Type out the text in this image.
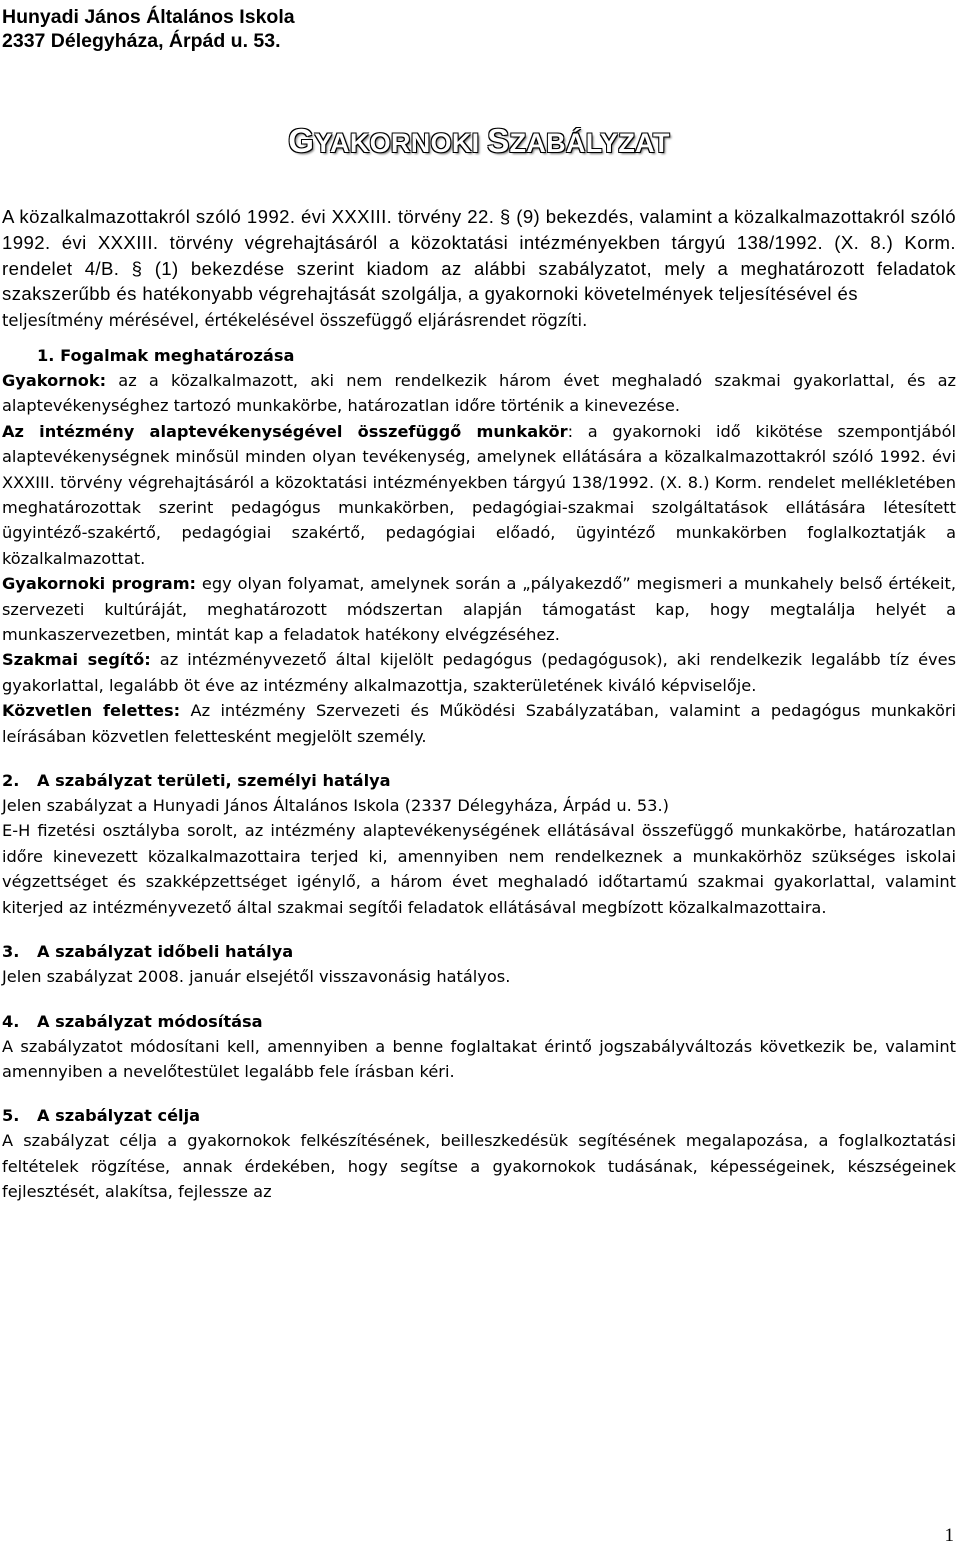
Hunyadi János Általános Iskola
2337 Délegyháza, Árpád u. 53.
GYAKORNOKI SZABÁLYZAT
A közalkalmazottakról szóló 1992. évi XXXIII. törvény 22. § (9) bekezdés, valamint a közalkalmazottakról szóló 1992. évi XXXIII. törvény végrehajtásáról a közoktatási intézményekben tárgyú 138/1992. (X. 8.) Korm. rendelet 4/B. § (1) bekezdése szerint kiadom az alábbi szabályzatot, mely a meghatározott feladatok szakszerűbb és hatékonyabb végrehajtását szolgálja, a gyakornoki követelmények teljesítésével és
teljesítmény mérésével, értékelésével összefüggő eljárásrendet rögzíti.
1. Fogalmak meghatározása
Gyakornok: az a közalkalmazott, aki nem rendelkezik három évet meghaladó szakmai gyakorlattal, és az alaptevékenységhez tartozó munkakörbe, határozatlan időre történik a kinevezése.
Az intézmény alaptevékenységével összefüggő munkakör: a gyakornoki idő kikötése szempontjából alaptevékenységnek minősül minden olyan tevékenység, amelynek ellátására a közalkalmazottakról szóló 1992. évi XXXIII. törvény végrehajtásáról a közoktatási intézményekben tárgyú 138/1992. (X. 8.) Korm. rendelet mellékletében meghatározottak szerint pedagógus munkakörben, pedagógiai-szakmai szolgáltatások ellátására létesített ügyintéző-szakértő, pedagógiai szakértő, pedagógiai előadó, ügyintéző munkakörben foglalkoztatják a közalkalmazottat.
Gyakornoki program: egy olyan folyamat, amelynek során a „pályakezdő” megismeri a munkahely belső értékeit, szervezeti kultúráját, meghatározott módszertan alapján támogatást kap, hogy megtalálja helyét a munkaszervezetben, mintát kap a feladatok hatékony elvégzéséhez.
Szakmai segítő: az intézményvezető által kijelölt pedagógus (pedagógusok), aki rendelkezik legalább tíz éves gyakorlattal, legalább öt éve az intézmény alkalmazottja, szakterületének kiváló képviselője.
Közvetlen felettes: Az intézmény Szervezeti és Működési Szabályzatában, valamint a pedagógus munkaköri leírásában közvetlen felettesként megjelölt személy.
2. A szabályzat területi, személyi hatálya
Jelen szabályzat a Hunyadi János Általános Iskola (2337 Délegyháza, Árpád u. 53.)
E-H fizetési osztályba sorolt, az intézmény alaptevékenységének ellátásával összefüggő munkakörbe, határozatlan időre kinevezett közalkalmazottaira terjed ki, amennyiben nem rendelkeznek a munkakörhöz szükséges iskolai végzettséget és szakképzettséget igénylő, a három évet meghaladó időtartamú szakmai gyakorlattal, valamint kiterjed az intézményvezető által szakmai segítői feladatok ellátásával megbízott közalkalmazottaira.
3. A szabályzat időbeli hatálya
Jelen szabályzat 2008. január elsejétől visszavonásig hatályos.
4. A szabályzat módosítása
A szabályzatot módosítani kell, amennyiben a benne foglaltakat érintő jogszabályváltozás következik be, valamint amennyiben a nevelőtestület legalább fele írásban kéri.
5. A szabályzat célja
A szabályzat célja a gyakornokok felkészítésének, beilleszkedésük segítésének megalapozása, a foglalkoztatási feltételek rögzítése, annak érdekében, hogy segítse a gyakornokok tudásának, képességeinek, készségeinek fejlesztését, alakítsa, fejlessze az
1
